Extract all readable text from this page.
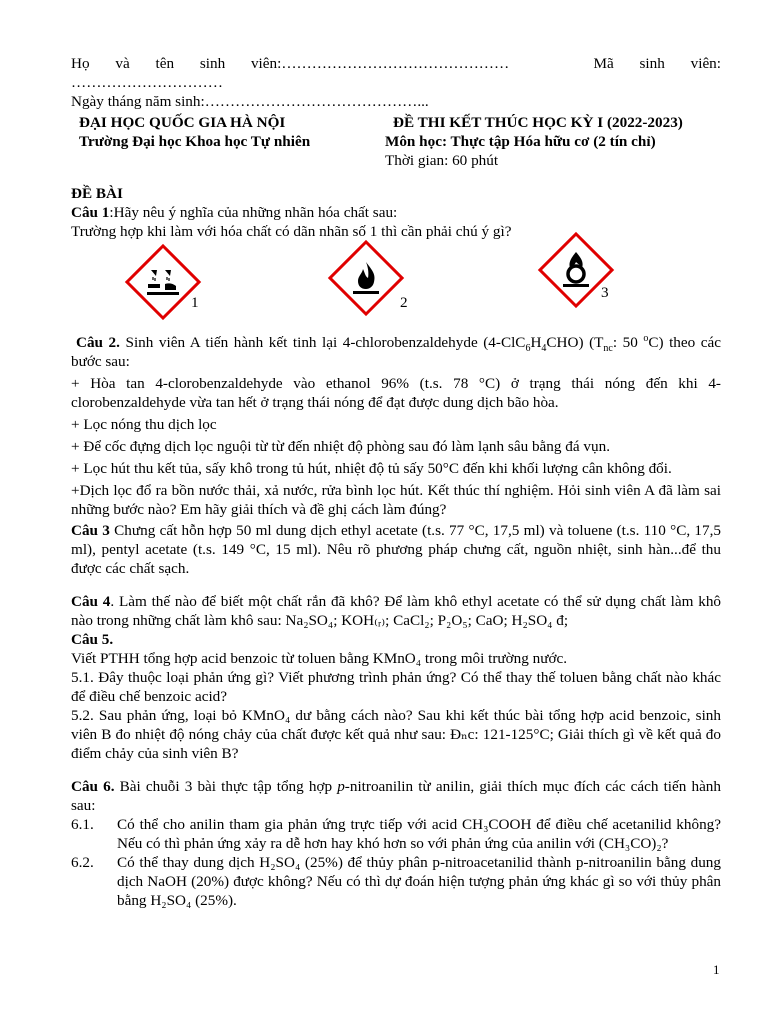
Họ và tên sinh viên:………………………………………	Mã sinh viên:
…………………………
Ngày tháng năm sinh:……………………………………...
ĐẠI HỌC QUỐC GIA HÀ NỘI
Trường Đại học Khoa học Tự nhiên
ĐỀ THI KẾT THÚC HỌC KỲ I (2022-2023)
Môn học: Thực tập Hóa hữu cơ (2 tín chỉ)
Thời gian: 60 phút
ĐỀ BÀI
Câu 1:Hãy nêu ý nghĩa của những nhãn hóa chất sau:
Trường hợp khi làm với hóa chất có dãn nhãn số 1 thì cần phải chú ý gì?
1	2
3
Câu 2. Sinh viên A tiến hành kết tinh lại 4-chlorobenzaldehyde $(4-ClC_6H_4CHO)$ ($T_{nc}$: 50 $^o$C) theo các bước sau:
+ Hòa tan 4-clorobenzaldehyde vào ethanol 96% (t.s. 78 °C) ở trạng thái nóng đến khi 4-clorobenzaldehyde vừa tan hết ở trạng thái nóng để đạt được dung dịch bão hòa.
+ Lọc nóng thu dịch lọc
+ Để cốc đựng dịch lọc nguội từ từ đến nhiệt độ phòng sau đó làm lạnh sâu bằng đá vụn.
+ Lọc hút thu kết tủa, sấy khô trong tủ hút, nhiệt độ tủ sấy 50°C đến khi khối lượng cân không đổi.
+Dịch lọc đổ ra bồn nước thải, xả nước, rửa bình lọc hút. Kết thúc thí nghiệm. Hỏi sinh viên A đã làm sai những bước nào? Em hãy giải thích và đề ghị cách làm đúng?
Câu 3 Chưng cất hỗn hợp 50 ml dung dịch ethyl acetate (t.s. 77 °C, 17,5 ml) và toluene (t.s. 110 °C, 17,5 ml), pentyl acetate (t.s. 149 °C, 15 ml). Nêu rõ phương pháp chưng cất, nguồn nhiệt, sinh hàn...để thu được các chất sạch.
Câu 4. Làm thế nào để biết một chất rắn đã khô? Để làm khô ethyl acetate có thể sử dụng chất làm khô nào trong những chất làm khô sau: Na₂SO₄; KOH₍ᵣ₎; CaCl₂; P₂O₅; CaO; H₂SO₄ đ;
Câu 5.
Viết PTHH tổng hợp acid benzoic từ toluen bằng KMnO₄ trong môi trường nước.
5.1. Đây thuộc loại phản ứng gì? Viết phương trình phản ứng? Có thể thay thế toluen bằng chất nào khác để điều chế benzoic acid?
5.2. Sau phản ứng, loại bỏ KMnO₄ dư bằng cách nào? Sau khi kết thúc bài tổng hợp acid benzoic, sinh viên B đo nhiệt độ nóng chảy của chất được kết quả như sau: Đₙc: 121-125°C; Giải thích gì về kết quả đo điểm chảy của sinh viên B?
Câu 6. Bài chuỗi 3 bài thực tập tổng hợp p-nitroanilin từ anilin, giải thích mục đích các cách tiến hành sau:
6.1.	Có thể cho anilin tham gia phản ứng trực tiếp với acid CH₃COOH để điều chế acetanilid không? Nếu có thì phản ứng xảy ra dễ hơn hay khó hơn so với phản ứng của anilin với (CH₃CO)₂?
6.2.	Có thể thay dung dịch H₂SO₄ (25%) để thủy phân p-nitroacetanilid thành p-nitroanilin bằng dung dịch NaOH (20%) được không? Nếu có thì dự đoán hiện tượng phản ứng khác gì so với thủy phân bằng H₂SO₄ (25%).
1
